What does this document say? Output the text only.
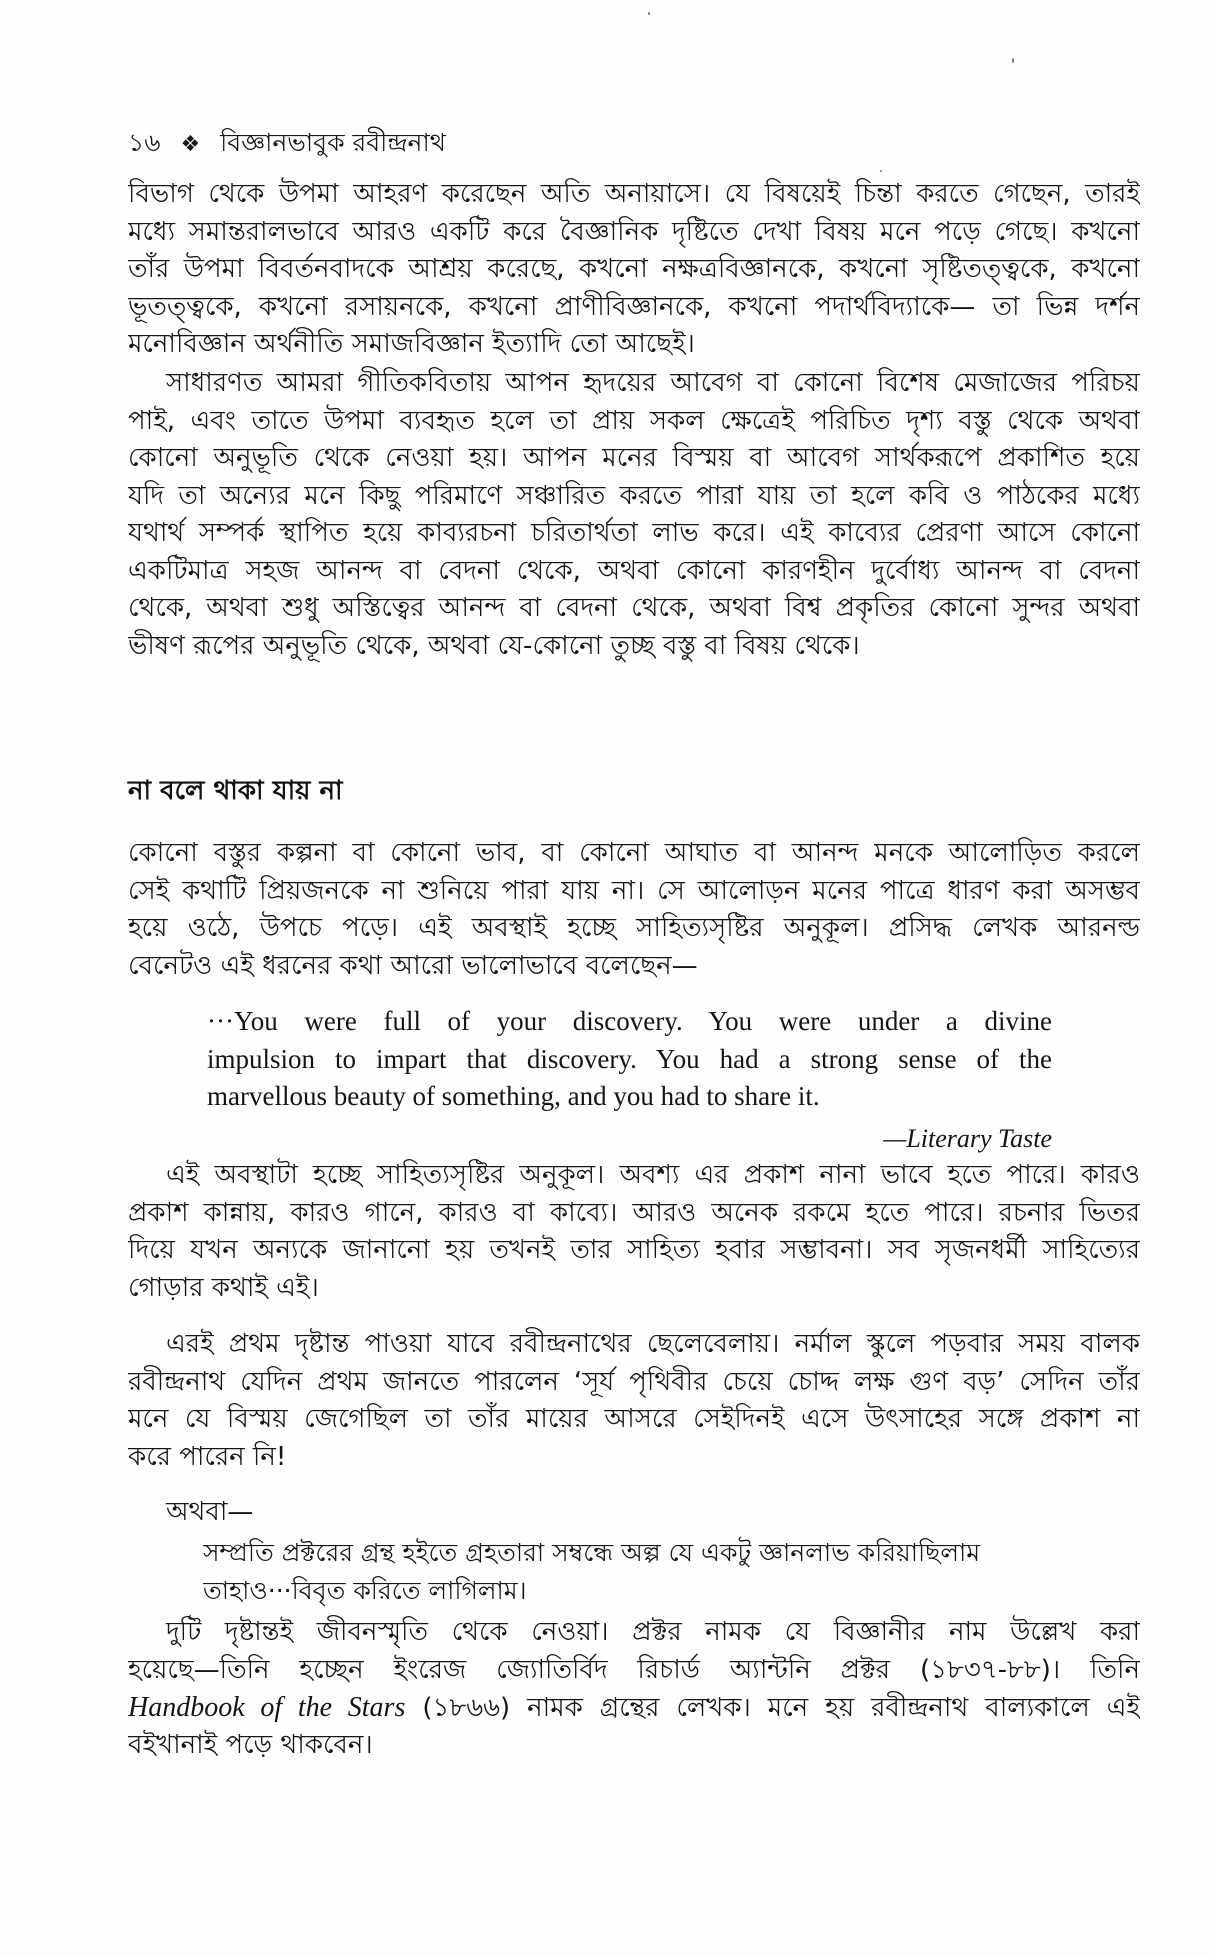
১৬ ❖ বিজ্ঞানভাবুক রবীন্দ্রনাথ
বিভাগ থেকে উপমা আহরণ করেছেন অতি অনায়াসে। যে বিষয়েই চিন্তা করতে গেছেন, তারই
মধ্যে সমান্তরালভাবে আরও একটি করে বৈজ্ঞানিক দৃষ্টিতে দেখা বিষয় মনে পড়ে গেছে। কখনো
তাঁর উপমা বিবর্তনবাদকে আশ্রয় করেছে, কখনো নক্ষত্রবিজ্ঞানকে, কখনো সৃষ্টিতত্ত্বকে, কখনো
ভূতত্ত্বকে, কখনো রসায়নকে, কখনো প্রাণীবিজ্ঞানকে, কখনো পদার্থবিদ্যাকে— তা ভিন্ন দর্শন
মনোবিজ্ঞান অর্থনীতি সমাজবিজ্ঞান ইত্যাদি তো আছেই।
সাধারণত আমরা গীতিকবিতায় আপন হৃদয়ের আবেগ বা কোনো বিশেষ মেজাজের পরিচয়
পাই, এবং তাতে উপমা ব্যবহৃত হলে তা প্রায় সকল ক্ষেত্রেই পরিচিত দৃশ্য বস্তু থেকে অথবা
কোনো অনুভূতি থেকে নেওয়া হয়। আপন মনের বিস্ময় বা আবেগ সার্থকরূপে প্রকাশিত হয়ে
যদি তা অন্যের মনে কিছু পরিমাণে সঞ্চারিত করতে পারা যায় তা হলে কবি ও পাঠকের মধ্যে
যথার্থ সম্পর্ক স্থাপিত হয়ে কাব্যরচনা চরিতার্থতা লাভ করে। এই কাব্যের প্রেরণা আসে কোনো
একটিমাত্র সহজ আনন্দ বা বেদনা থেকে, অথবা কোনো কারণহীন দুর্বোধ্য আনন্দ বা বেদনা
থেকে, অথবা শুধু অস্তিত্বের আনন্দ বা বেদনা থেকে, অথবা বিশ্ব প্রকৃতির কোনো সুন্দর অথবা
ভীষণ রূপের অনুভূতি থেকে, অথবা যে-কোনো তুচ্ছ বস্তু বা বিষয় থেকে।
না বলে থাকা যায় না
কোনো বস্তুর কল্পনা বা কোনো ভাব, বা কোনো আঘাত বা আনন্দ মনকে আলোড়িত করলে
সেই কথাটি প্রিয়জনকে না শুনিয়ে পারা যায় না। সে আলোড়ন মনের পাত্রে ধারণ করা অসম্ভব
হয়ে ওঠে, উপচে পড়ে। এই অবস্থাই হচ্ছে সাহিত্যসৃষ্টির অনুকূল। প্রসিদ্ধ লেখক আরনল্ড
বেনেটও এই ধরনের কথা আরো ভালোভাবে বলেছেন—
···You were full of your discovery. You were under a divine
impulsion to impart that discovery. You had a strong sense of the
marvellous beauty of something, and you had to share it.
—Literary Taste
এই অবস্থাটা হচ্ছে সাহিত্যসৃষ্টির অনুকূল। অবশ্য এর প্রকাশ নানা ভাবে হতে পারে। কারও
প্রকাশ কান্নায়, কারও গানে, কারও বা কাব্যে। আরও অনেক রকমে হতে পারে। রচনার ভিতর
দিয়ে যখন অন্যকে জানানো হয় তখনই তার সাহিত্য হবার সম্ভাবনা। সব সৃজনধর্মী সাহিত্যের
গোড়ার কথাই এই।
এরই প্রথম দৃষ্টান্ত পাওয়া যাবে রবীন্দ্রনাথের ছেলেবেলায়। নর্মাল স্কুলে পড়বার সময় বালক
রবীন্দ্রনাথ যেদিন প্রথম জানতে পারলেন ‘সূর্য পৃথিবীর চেয়ে চোদ্দ লক্ষ গুণ বড়’ সেদিন তাঁর
মনে যে বিস্ময় জেগেছিল তা তাঁর মায়ের আসরে সেইদিনই এসে উৎসাহের সঙ্গে প্রকাশ না
করে পারেন নি!
অথবা—
সম্প্রতি প্রক্টরের গ্রন্থ হইতে গ্রহতারা সম্বন্ধে অল্প যে একটু জ্ঞানলাভ করিয়াছিলাম
তাহাও···বিবৃত করিতে লাগিলাম।
দুটি দৃষ্টান্তই জীবনস্মৃতি থেকে নেওয়া। প্রক্টর নামক যে বিজ্ঞানীর নাম উল্লেখ করা
হয়েছে—তিনি হচ্ছেন ইংরেজ জ্যোতির্বিদ রিচার্ড অ্যান্টনি প্রক্টর (১৮৩৭-৮৮)। তিনি
Handbook of the Stars (১৮৬৬) নামক গ্রন্থের লেখক। মনে হয় রবীন্দ্রনাথ বাল্যকালে এই
বইখানাই পড়ে থাকবেন।
